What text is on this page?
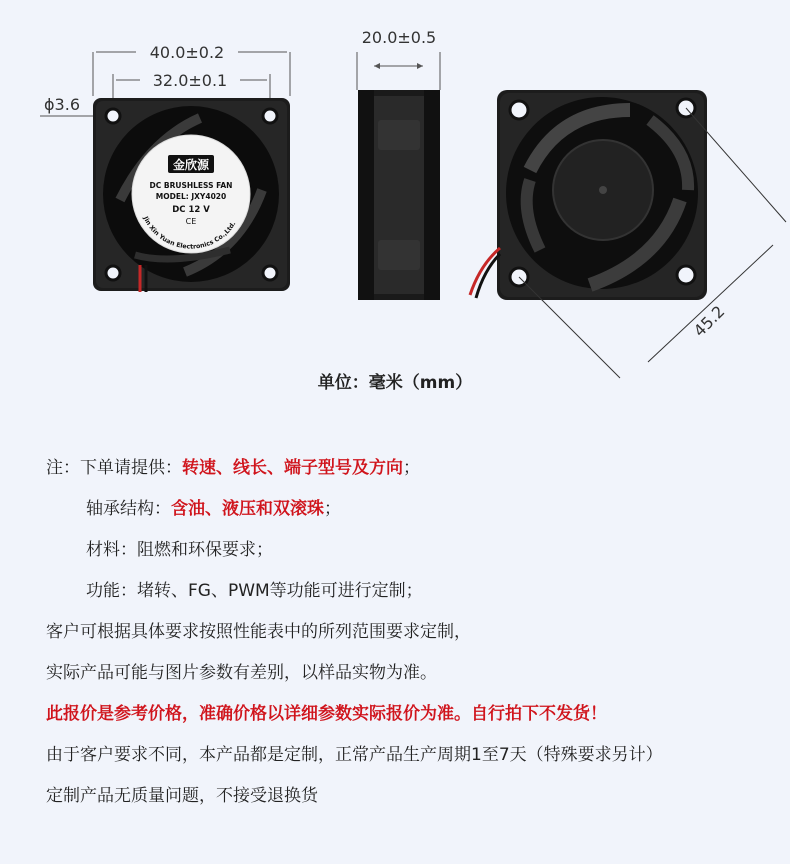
40.0±0.2
32.0±0.1
ϕ3.6
金欣源
DC BRUSHLESS FAN
MODEL: JXY4020
DC 12 V
CE
Jin Xin Yuan Electronics Co.,Ltd.
20.0±0.5
45.2
单位：毫米（mm）
注：下单请提供：转速、线长、端子型号及方向；
轴承结构：含油、液压和双滚珠；
材料：阻燃和环保要求；
功能：堵转、FG、PWM等功能可进行定制；
客户可根据具体要求按照性能表中的所列范围要求定制，
实际产品可能与图片参数有差别，以样品实物为准。
此报价是参考价格，准确价格以详细参数实际报价为准。自行拍下不发货！
由于客户要求不同，本产品都是定制，正常产品生产周期1至7天（特殊要求另计）
定制产品无质量问题，不接受退换货
